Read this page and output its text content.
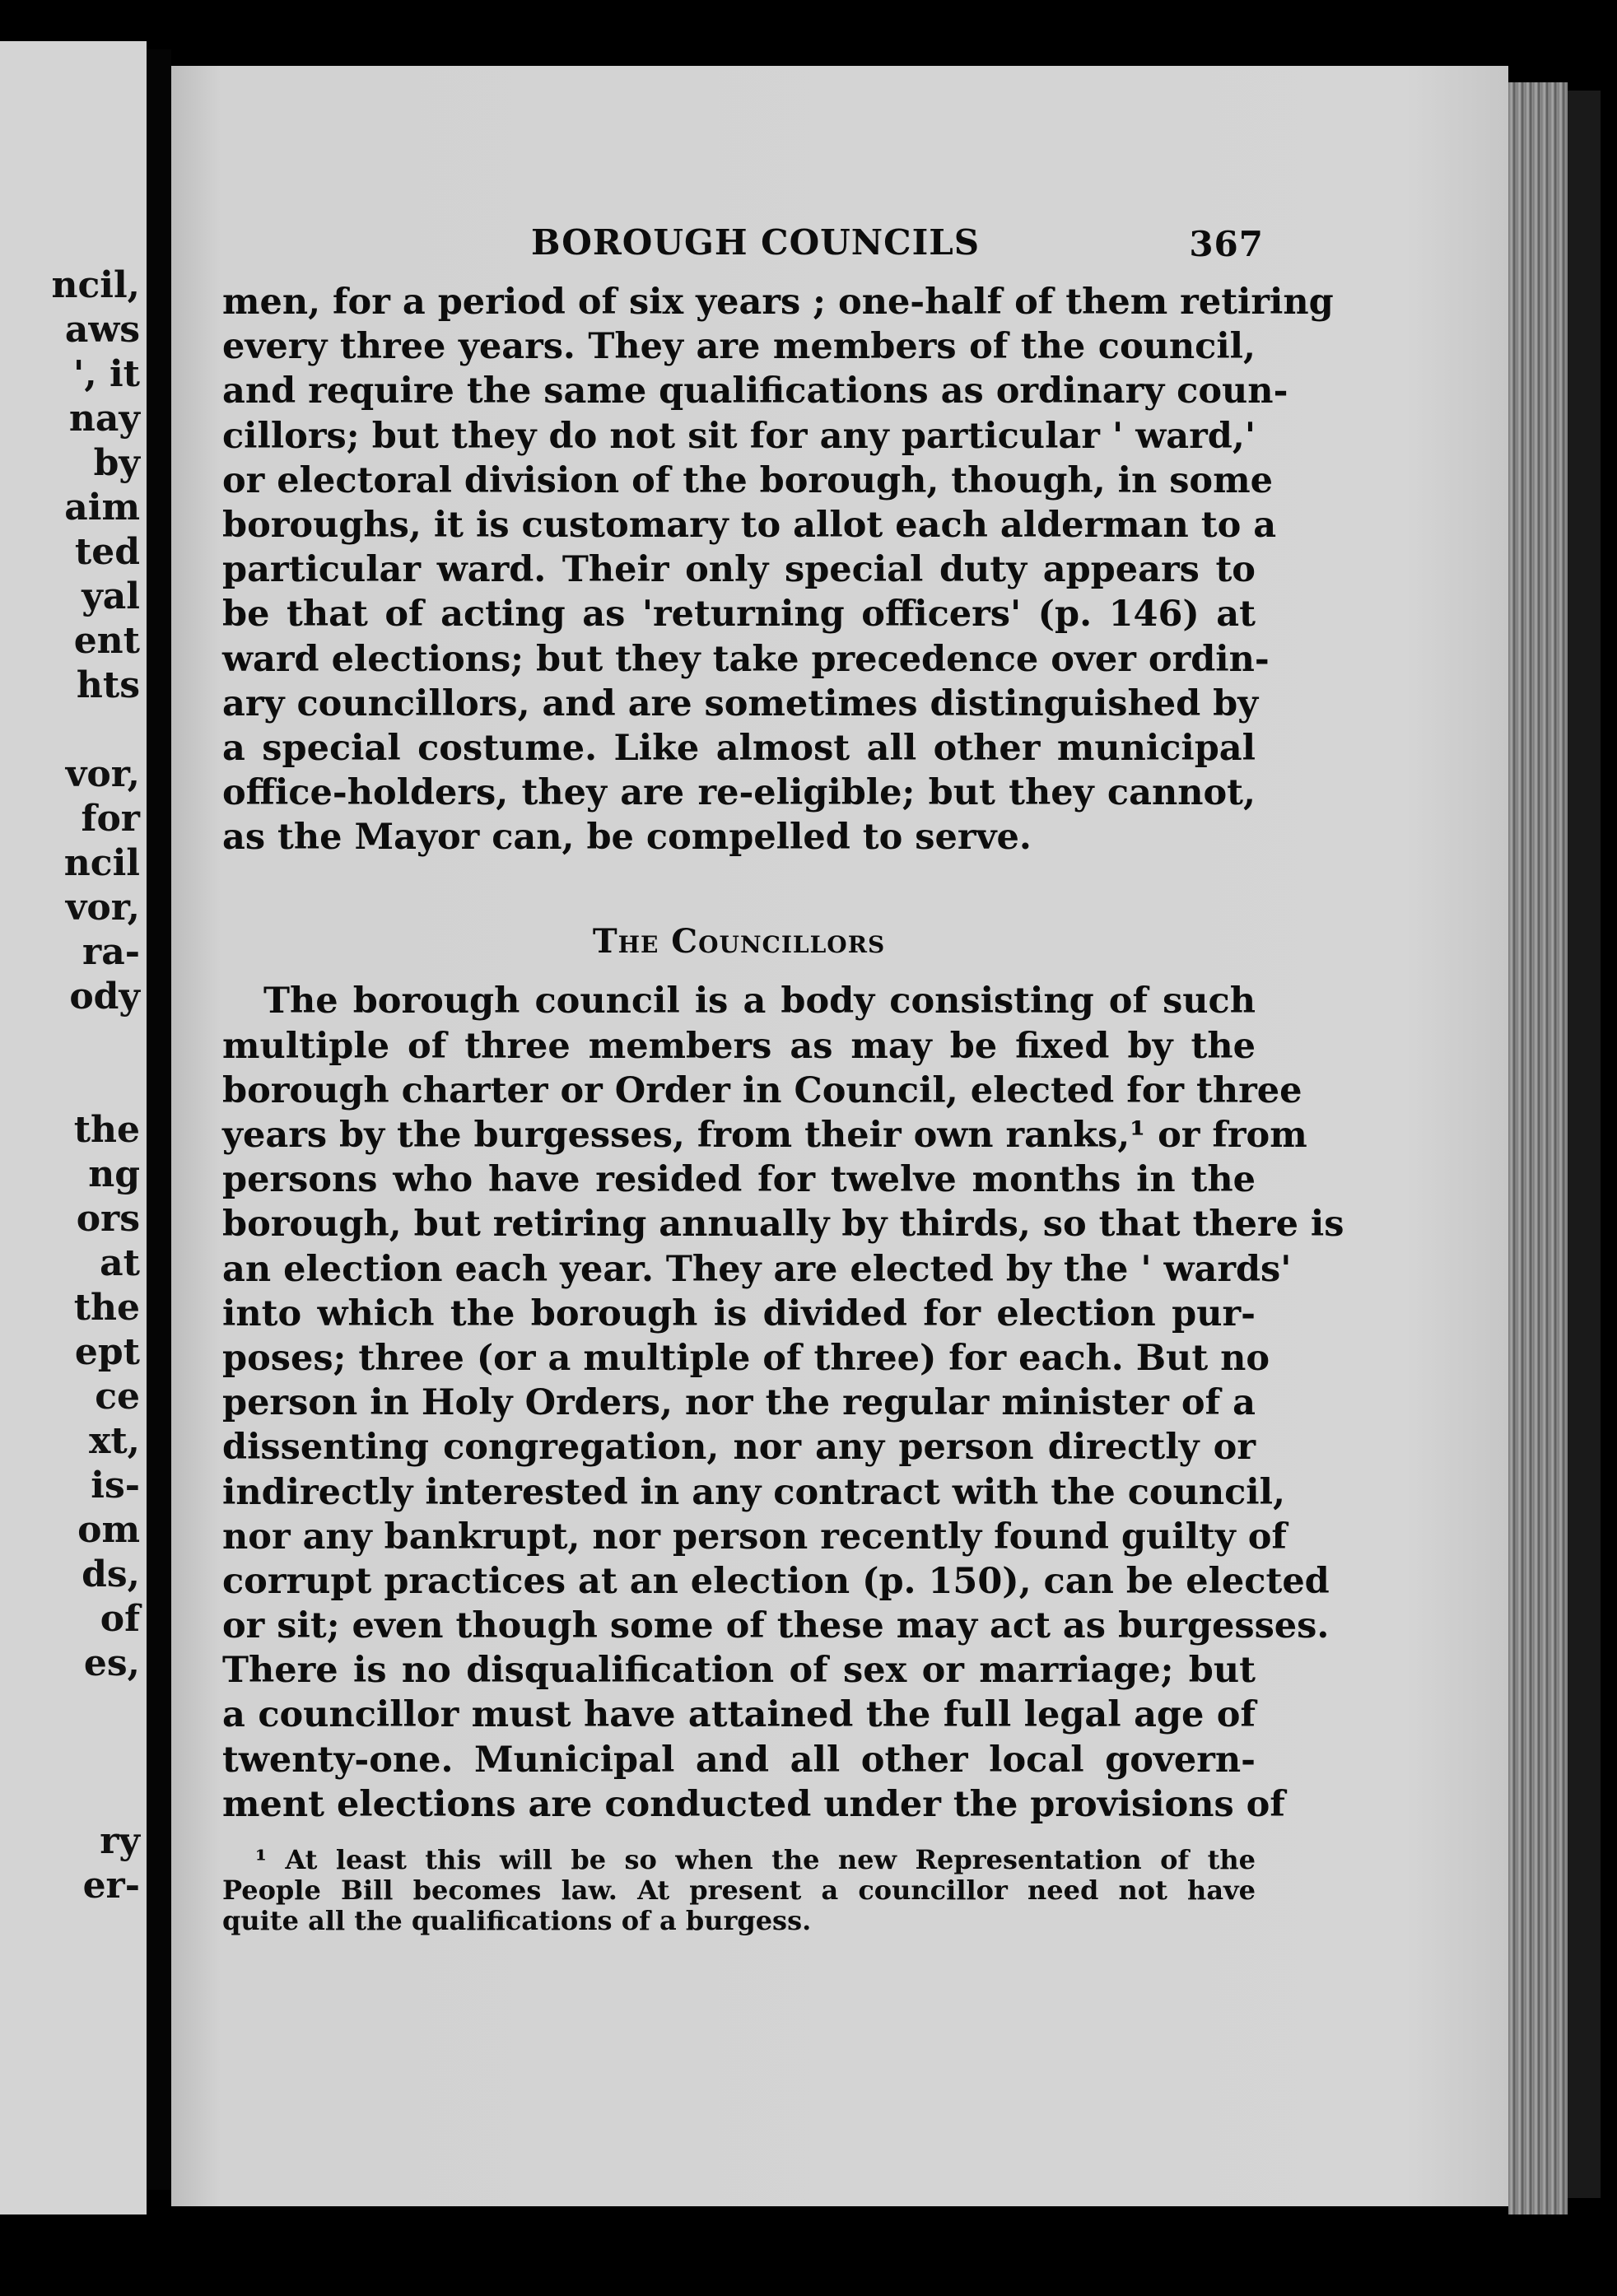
ncil,
aws
', it
nay
by
aim
ted
yal
ent
hts
vor,
for
ncil
vor,
ra-
ody
the
ng
ors
at
the
ept
ce
xt,
is-
om
ds,
of
es,
ry
er-
BOROUGH COUNCILS	367
men, for a period of six years ; one-half of them retiring
every three years. They are members of the council,
and require the same qualifications as ordinary coun-
cillors; but they do not sit for any particular ' ward,'
or electoral division of the borough, though, in some
boroughs, it is customary to allot each alderman to a
particular ward. Their only special duty appears to
be that of acting as 'returning officers' (p. 146) at
ward elections; but they take precedence over ordin-
ary councillors, and are sometimes distinguished by
a special costume. Like almost all other municipal
office-holders, they are re-eligible; but they cannot,
as the Mayor can, be compelled to serve.
The Councillors
The borough council is a body consisting of such
multiple of three members as may be fixed by the
borough charter or Order in Council, elected for three
years by the burgesses, from their own ranks,¹ or from
persons who have resided for twelve months in the
borough, but retiring annually by thirds, so that there is
an election each year. They are elected by the ' wards'
into which the borough is divided for election pur-
poses; three (or a multiple of three) for each. But no
person in Holy Orders, nor the regular minister of a
dissenting congregation, nor any person directly or
indirectly interested in any contract with the council,
nor any bankrupt, nor person recently found guilty of
corrupt practices at an election (p. 150), can be elected
or sit; even though some of these may act as burgesses.
There is no disqualification of sex or marriage; but
a councillor must have attained the full legal age of
twenty-one. Municipal and all other local govern-
ment elections are conducted under the provisions of
¹ At least this will be so when the new Representation of the
People Bill becomes law. At present a councillor need not have
quite all the qualifications of a burgess.
